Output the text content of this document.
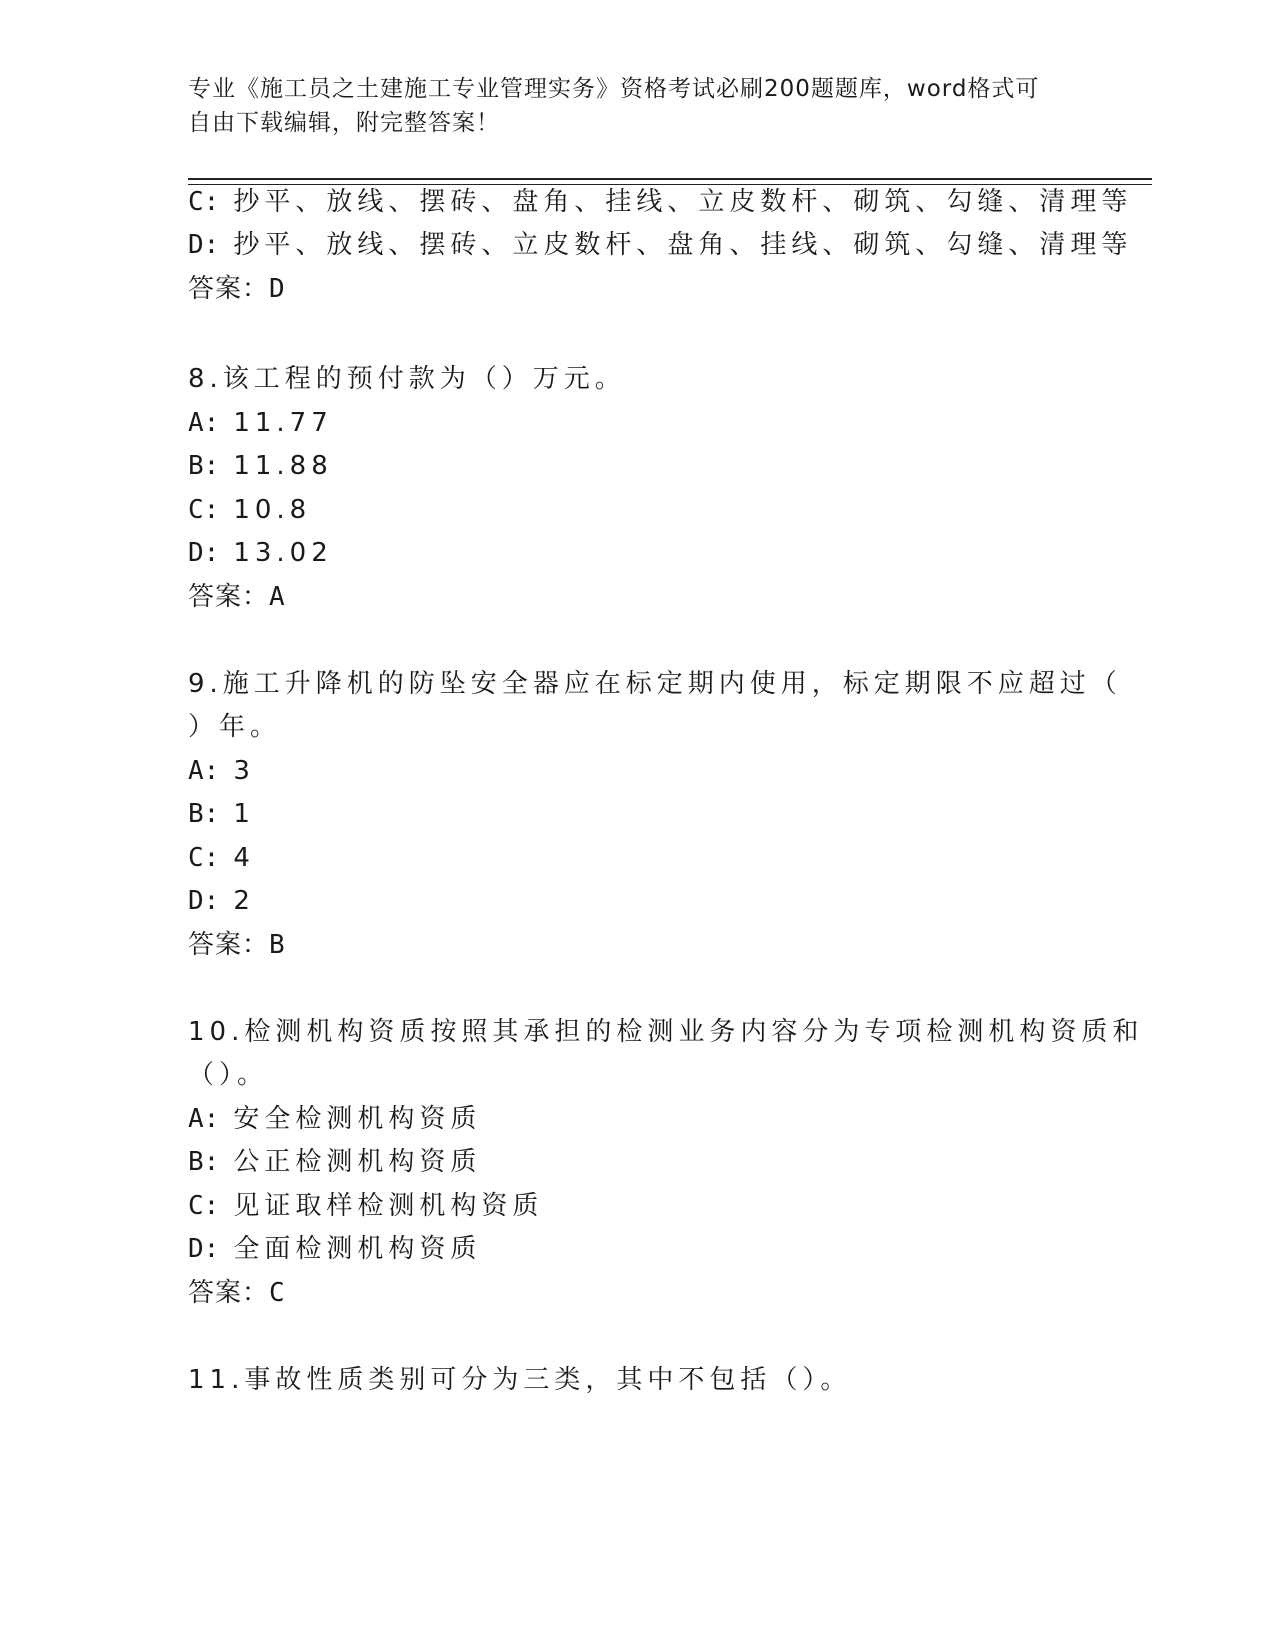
专业《施工员之土建施工专业管理实务》资格考试必刷200题题库，word格式可
自由下载编辑，附完整答案！
C: 抄平、放线、摆砖、盘角、挂线、立皮数杆、砌筑、勾缝、清理等
D: 抄平、放线、摆砖、立皮数杆、盘角、挂线、砌筑、勾缝、清理等
答案：D
8.该工程的预付款为（）万元。
A: 11.77
B: 11.88
C: 10.8
D: 13.02
答案：A
9.施工升降机的防坠安全器应在标定期内使用，标定期限不应超过（
）年。
A: 3
B: 1
C: 4
D: 2
答案：B
10.检测机构资质按照其承担的检测业务内容分为专项检测机构资质和
（）。
A: 安全检测机构资质
B: 公正检测机构资质
C: 见证取样检测机构资质
D: 全面检测机构资质
答案：C
11.事故性质类别可分为三类，其中不包括（）。
